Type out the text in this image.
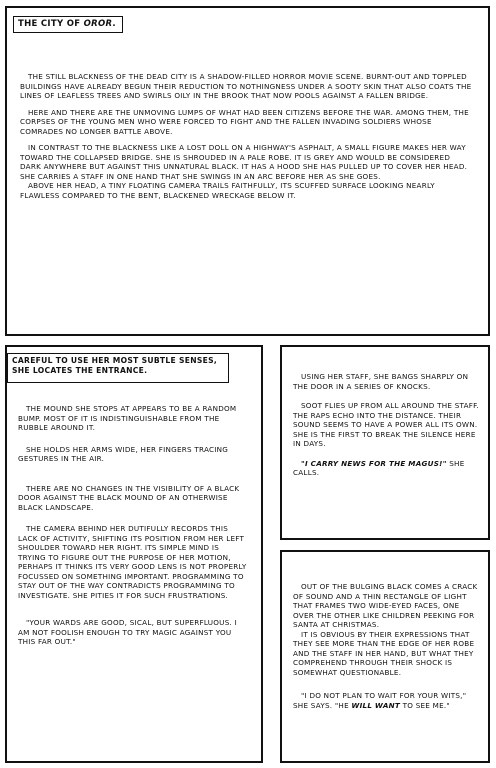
THE CITY OF OROR.

THE STILL BLACKNESS OF THE DEAD CITY IS A SHADOW-FILLED HORROR MOVIE SCENE. BURNT-OUT AND TOPPLED BUILDINGS HAVE ALREADY BEGUN THEIR REDUCTION TO NOTHINGNESS UNDER A SOOTY SKIN THAT ALSO COATS THE LINES OF LEAFLESS TREES AND SWIRLS OILY IN THE BROOK THAT NOW POOLS AGAINST A FALLEN BRIDGE.

HERE AND THERE ARE THE UNMOVING LUMPS OF WHAT HAD BEEN CITIZENS BEFORE THE WAR. AMONG THEM, THE CORPSES OF THE YOUNG MEN WHO WERE FORCED TO FIGHT AND THE FALLEN INVADING SOLDIERS WHOSE COMRADES NO LONGER BATTLE ABOVE.

IN CONTRAST TO THE BLACKNESS LIKE A LOST DOLL ON A HIGHWAY'S ASPHALT, A SMALL FIGURE MAKES HER WAY TOWARD THE COLLAPSED BRIDGE. SHE IS SHROUDED IN A PALE ROBE. IT IS GREY AND WOULD BE CONSIDERED DARK ANYWHERE BUT AGAINST THIS UNNATURAL BLACK. IT HAS A HOOD SHE HAS PULLED UP TO COVER HER HEAD. SHE CARRIES A STAFF IN ONE HAND THAT SHE SWINGS IN AN ARC BEFORE HER AS SHE GOES.

ABOVE HER HEAD, A TINY FLOATING CAMERA TRAILS FAITHFULLY, ITS SCUFFED SURFACE LOOKING NEARLY FLAWLESS COMPARED TO THE BENT, BLACKENED WRECKAGE BELOW IT.

CAREFUL TO USE HER MOST SUBTLE SENSES, SHE LOCATES THE ENTRANCE.

THE MOUND SHE STOPS AT APPEARS TO BE A RANDOM BUMP. MOST OF IT IS INDISTINGUISHABLE FROM THE RUBBLE AROUND IT.

SHE HOLDS HER ARMS WIDE, HER FINGERS TRACING GESTURES IN THE AIR.

THERE ARE NO CHANGES IN THE VISIBILITY OF A BLACK DOOR AGAINST THE BLACK MOUND OF AN OTHERWISE BLACK LANDSCAPE.

THE CAMERA BEHIND HER DUTIFULLY RECORDS THIS LACK OF ACTIVITY, SHIFTING ITS POSITION FROM HER LEFT SHOULDER TOWARD HER RIGHT. ITS SIMPLE MIND IS TRYING TO FIGURE OUT THE PURPOSE OF HER MOTION, PERHAPS IT THINKS ITS VERY GOOD LENS IS NOT PROPERLY FOCUSSED ON SOMETHING IMPORTANT. PROGRAMMING TO STAY OUT OF THE WAY CONTRADICTS PROGRAMMING TO INVESTIGATE. SHE PITIES IT FOR SUCH FRUSTRATIONS.

"YOUR WARDS ARE GOOD, SICAL, BUT SUPERFLUOUS. I AM NOT FOOLISH ENOUGH TO TRY MAGIC AGAINST YOU THIS FAR OUT."

USING HER STAFF, SHE BANGS SHARPLY ON THE DOOR IN A SERIES OF KNOCKS.

SOOT FLIES UP FROM ALL AROUND THE STAFF. THE RAPS ECHO INTO THE DISTANCE. THEIR SOUND SEEMS TO HAVE A POWER ALL ITS OWN. SHE IS THE FIRST TO BREAK THE SILENCE HERE IN DAYS.

"I CARRY NEWS FOR THE MAGUS!" SHE CALLS.

OUT OF THE BULGING BLACK COMES A CRACK OF SOUND AND A THIN RECTANGLE OF LIGHT THAT FRAMES TWO WIDE-EYED FACES, ONE OVER THE OTHER LIKE CHILDREN PEEKING FOR SANTA AT CHRISTMAS.

IT IS OBVIOUS BY THEIR EXPRESSIONS THAT THEY SEE MORE THAN THE EDGE OF HER ROBE AND THE STAFF IN HER HAND, BUT WHAT THEY COMPREHEND THROUGH THEIR SHOCK IS SOMEWHAT QUESTIONABLE.

"I DO NOT PLAN TO WAIT FOR YOUR WITS," SHE SAYS. "HE WILL WANT TO SEE ME."
